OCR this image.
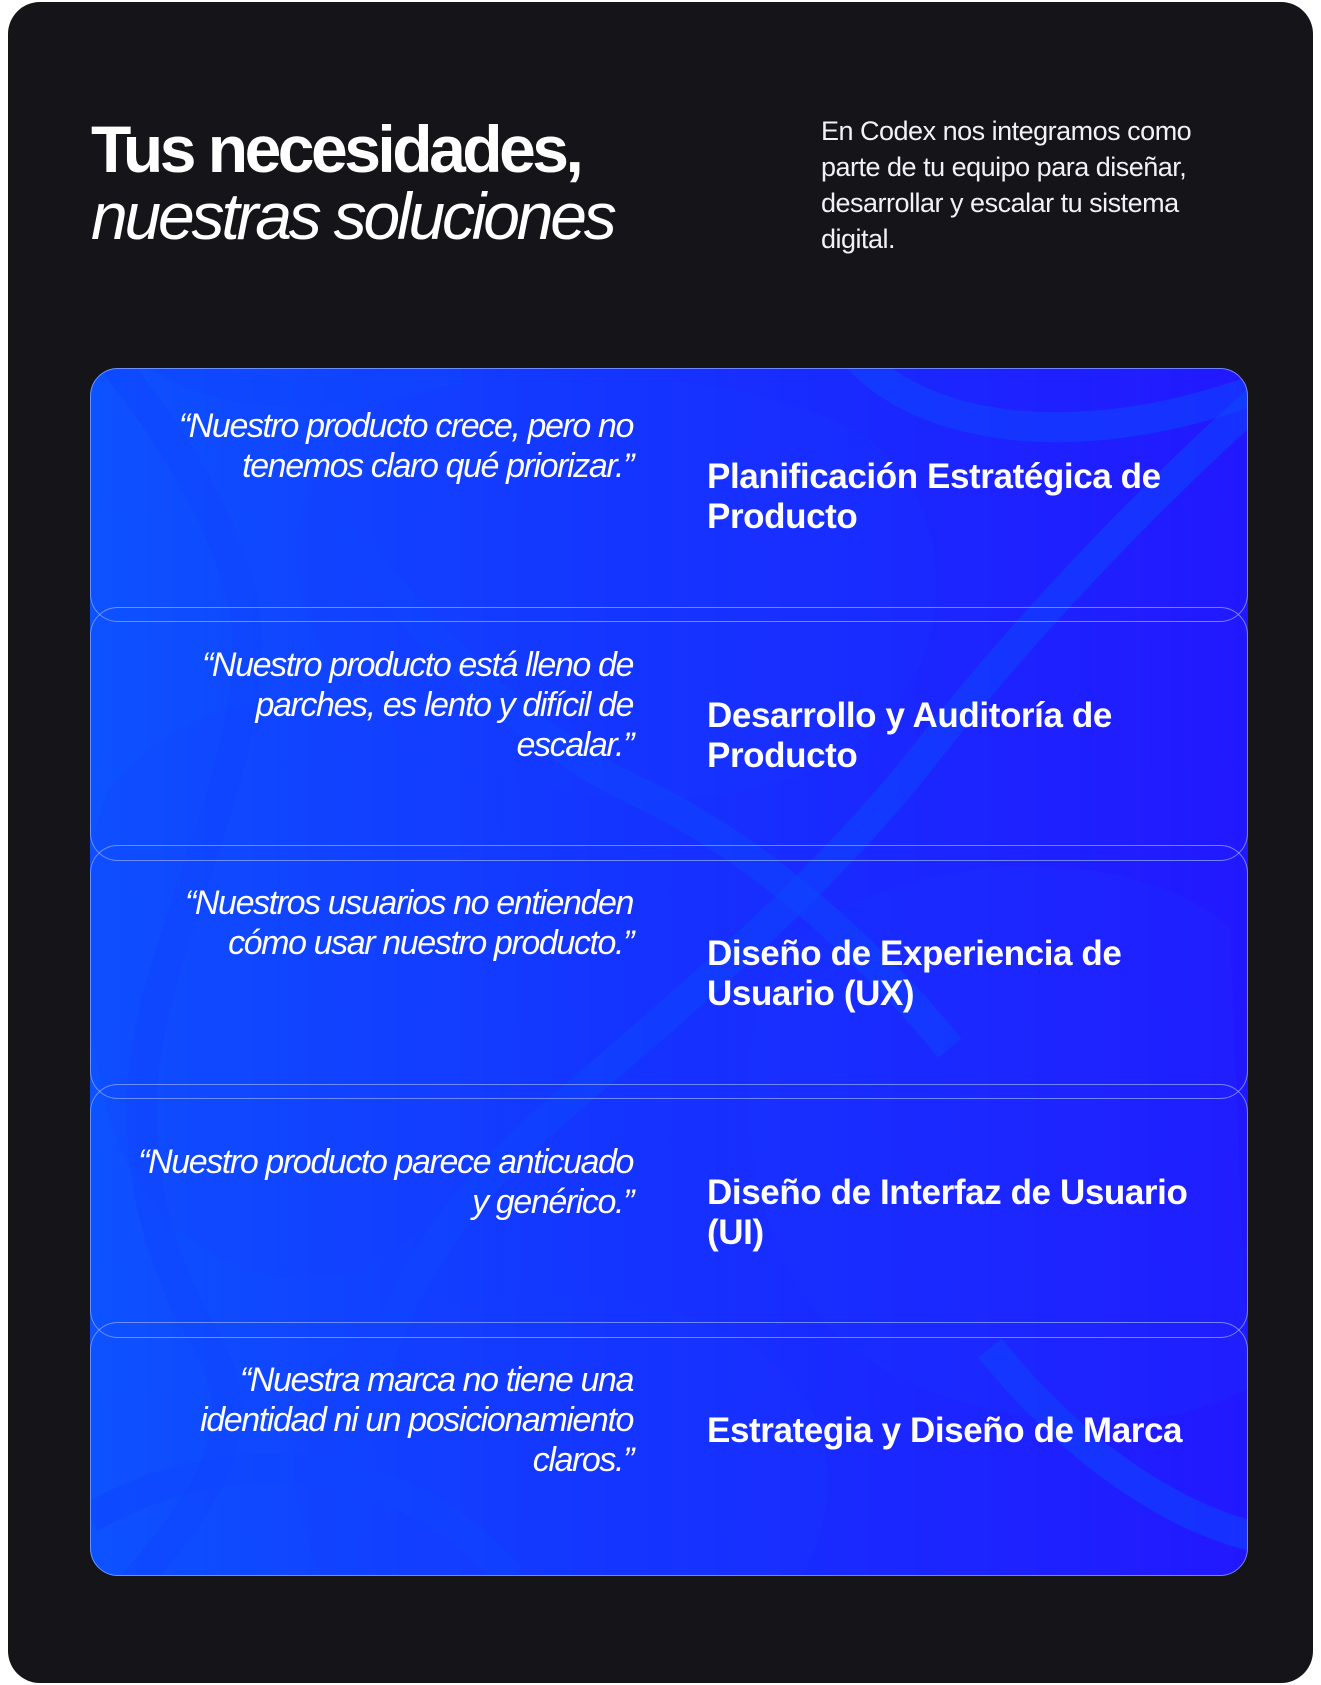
Tus necesidades,
nuestras soluciones

En Codex nos integramos como parte de tu equipo para diseñar, desarrollar y escalar tu sistema digital.

“Nuestro producto crece, pero no tenemos claro qué priorizar.” Planificación Estratégica de Producto

“Nuestro producto está lleno de parches, es lento y difícil de escalar.”

Desarrollo y Auditoría de Producto

“Nuestros usuarios no entienden cómo usar nuestro producto.” Diseño de Experiencia de Usuario (UX)

“Nuestro producto parece anticuado y genérico.” Diseño de Interfaz de Usuario (UI)

“Nuestra marca no tiene una identidad ni un posicionamiento claros.”

Estrategia y Diseño de Marca
